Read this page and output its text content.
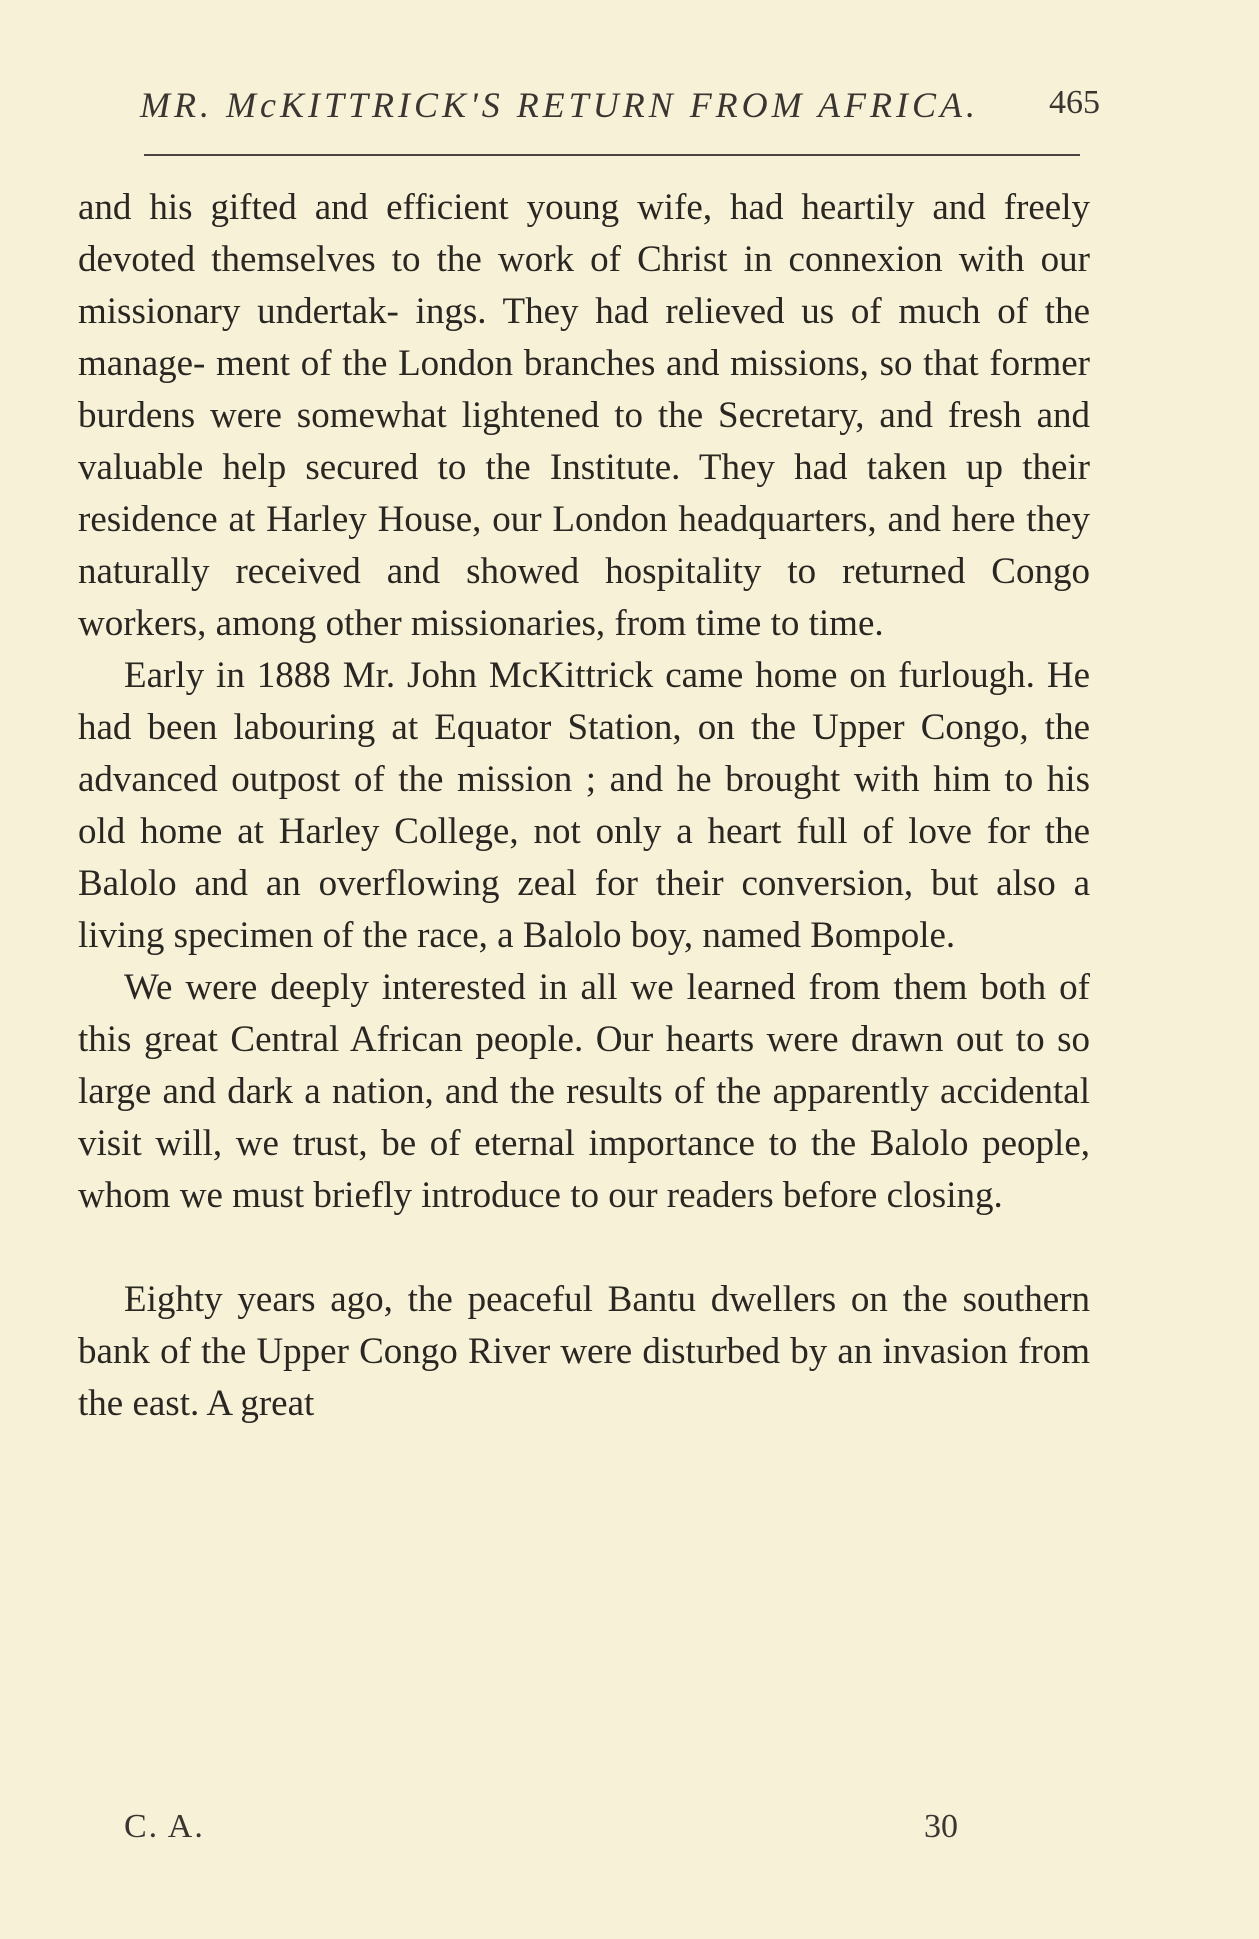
MR. McKITTRICK'S RETURN FROM AFRICA. 465

and his gifted and efficient young wife, had heartily and freely devoted themselves to the work of Christ in connexion with our missionary undertak- ings. They had relieved us of much of the manage- ment of the London branches and missions, so that former burdens were somewhat lightened to the Secretary, and fresh and valuable help secured to the Institute. They had taken up their residence at Harley House, our London headquarters, and here they naturally received and showed hospitality to returned Congo workers, among other missionaries, from time to time.

Early in 1888 Mr. John McKittrick came home on furlough. He had been labouring at Equator Station, on the Upper Congo, the advanced outpost of the mission ; and he brought with him to his old home at Harley College, not only a heart full of love for the Balolo and an overflowing zeal for their conversion, but also a living specimen of the race, a Balolo boy, named Bompole.

We were deeply interested in all we learned from them both of this great Central African people. Our hearts were drawn out to so large and dark a nation, and the results of the apparently accidental visit will, we trust, be of eternal importance to the Balolo people, whom we must briefly introduce to our readers before closing.

Eighty years ago, the peaceful Bantu dwellers on the southern bank of the Upper Congo River were disturbed by an invasion from the east. A great

C. A.	30
